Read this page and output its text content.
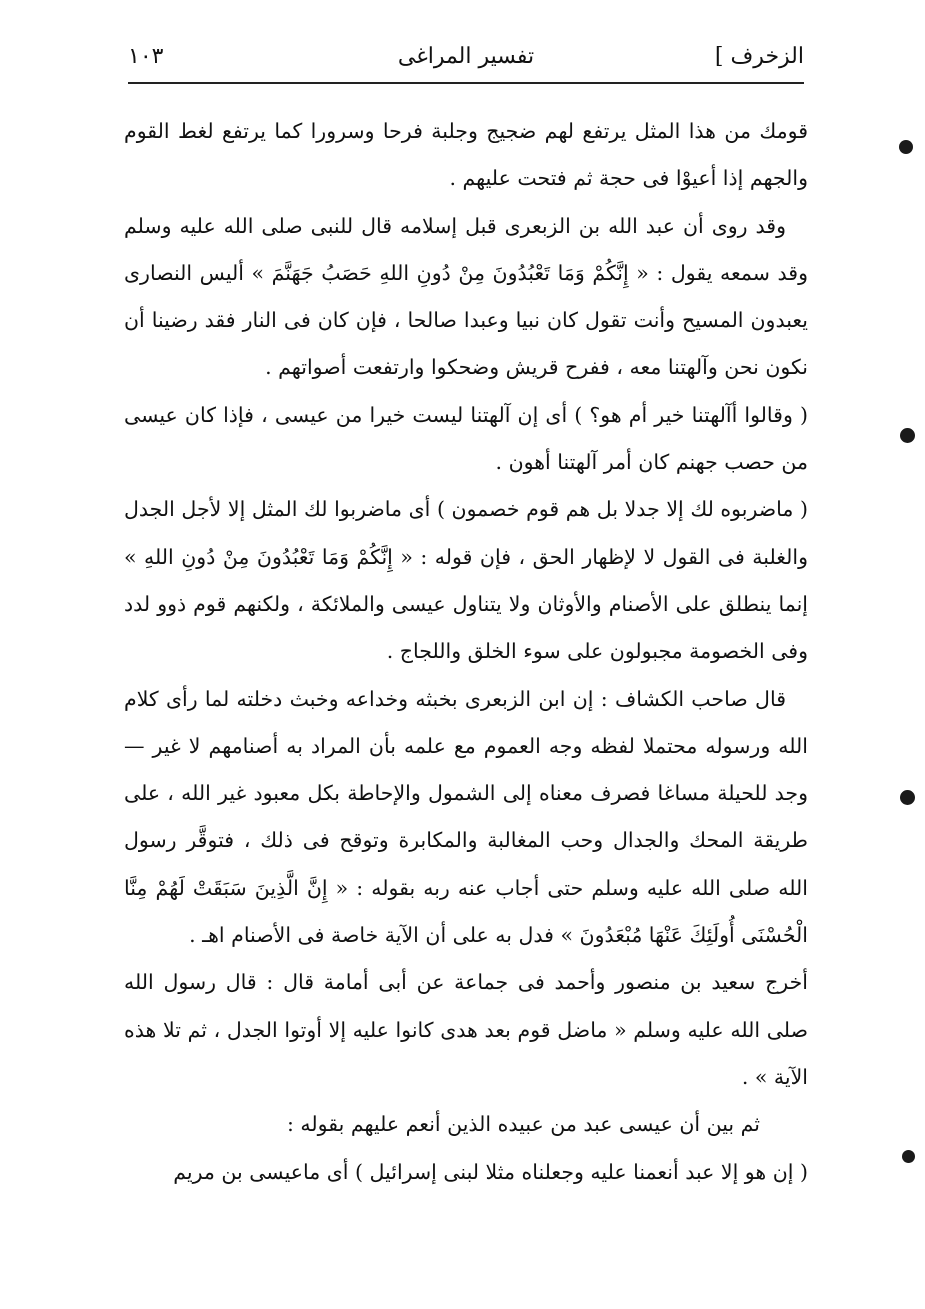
الزخرف ]
تفسير المراغى
١٠٣

قومك من هذا المثل يرتفع لهم ضجيج وجلبة فرحا وسرورا كما يرتفع لغط القوم والجهم إذا أعيوْا فى حجة ثم فتحت عليهم .

وقد روى أن عبد الله بن الزبعرى قبل إسلامه قال للنبى صلى الله عليه وسلم وقد سمعه يقول : « إِنَّكُمْ وَمَا تَعْبُدُونَ مِنْ دُونِ اللهِ حَصَبُ جَهَنَّمَ » أليس النصارى يعبدون المسيح وأنت تقول كان نبيا وعبدا صالحا ، فإن كان فى النار فقد رضينا أن نكون نحن وآلهتنا معه ، ففرح قريش وضحكوا وارتفعت أصواتهم .

( وقالوا أآلهتنا خير أم هو؟ ) أى إن آلهتنا ليست خيرا من عيسى ، فإذا كان عيسى من حصب جهنم كان أمر آلهتنا أهون .

( ماضربوه لك إلا جدلا بل هم قوم خصمون ) أى ماضربوا لك المثل إلا لأجل الجدل والغلبة فى القول لا لإظهار الحق ، فإن قوله : « إِنَّكُمْ وَمَا تَعْبُدُونَ مِنْ دُونِ اللهِ » إنما ينطلق على الأصنام والأوثان ولا يتناول عيسى والملائكة ، ولكنهم قوم ذوو لدد وفى الخصومة مجبولون على سوء الخلق واللجاج .

قال صاحب الكشاف : إن ابن الزبعرى بخبثه وخداعه وخبث دخلته لما رأى كلام الله ورسوله محتملا لفظه وجه العموم مع علمه بأن المراد به أصنامهم لا غير — وجد للحيلة مساغا فصرف معناه إلى الشمول والإحاطة بكل معبود غير الله ، على طريقة المحك والجدال وحب المغالبة والمكابرة وتوقح فى ذلك ، فتوقَّر رسول الله صلى الله عليه وسلم حتى أجاب عنه ربه بقوله : « إِنَّ الَّذِينَ سَبَقَتْ لَهُمْ مِنَّا الْحُسْنَى أُولَئِكَ عَنْهَا مُبْعَدُونَ » فدل به على أن الآية خاصة فى الأصنام اهـ .

أخرج سعيد بن منصور وأحمد فى جماعة عن أبى أمامة قال : قال رسول الله صلى الله عليه وسلم « ماضل قوم بعد هدى كانوا عليه إلا أوتوا الجدل ، ثم تلا هذه الآية » .

ثم بين أن عيسى عبد من عبيده الذين أنعم عليهم بقوله :

( إن هو إلا عبد أنعمنا عليه وجعلناه مثلا لبنى إسرائيل ) أى ماعيسى بن مريم
